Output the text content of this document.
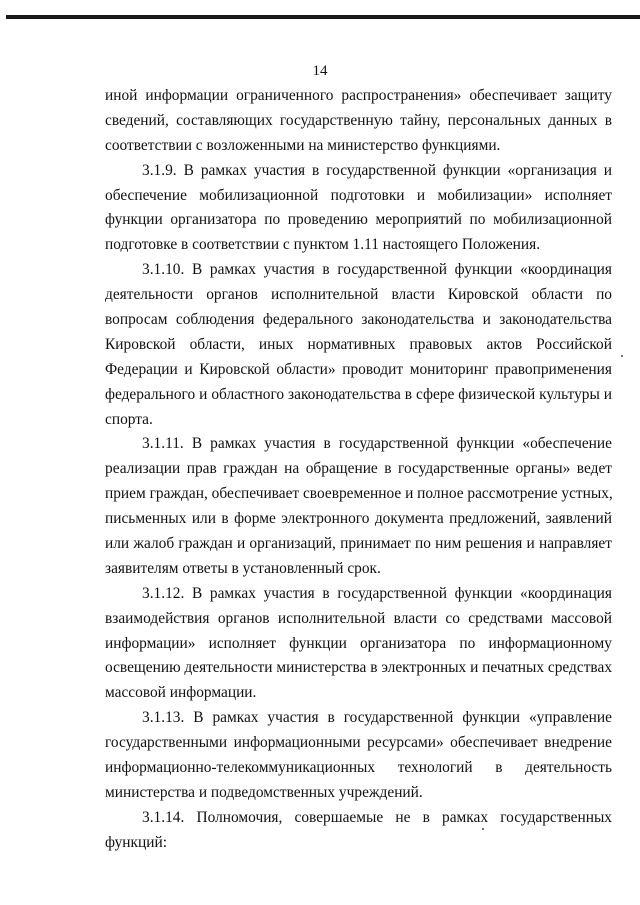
14
иной информации ограниченного распространения» обеспечивает защиту
сведений, составляющих государственную тайну, персональных данных в
соответствии с возложенными на министерство функциями.
3.1.9. В рамках участия в государственной функции «организация и
обеспечение мобилизационной подготовки и мобилизации» исполняет
функции организатора по проведению мероприятий по мобилизационной
подготовке в соответствии с пунктом 1.11 настоящего Положения.
3.1.10. В рамках участия в государственной функции «координация
деятельности органов исполнительной власти Кировской области по
вопросам соблюдения федерального законодательства и законодательства
Кировской области, иных нормативных правовых актов Российской
Федерации и Кировской области» проводит мониторинг правоприменения
федерального и областного законодательства в сфере физической культуры и
спорта.
3.1.11. В рамках участия в государственной функции «обеспечение
реализации прав граждан на обращение в государственные органы» ведет
прием граждан, обеспечивает своевременное и полное рассмотрение устных,
письменных или в форме электронного документа предложений, заявлений
или жалоб граждан и организаций, принимает по ним решения и направляет
заявителям ответы в установленный срок.
3.1.12. В рамках участия в государственной функции «координация
взаимодействия органов исполнительной власти со средствами массовой
информации» исполняет функции организатора по информационному
освещению деятельности министерства в электронных и печатных средствах
массовой информации.
3.1.13. В рамках участия в государственной функции «управление
государственными информационными ресурсами» обеспечивает внедрение
информационно-телекоммуникационных технологий в деятельность
министерства и подведомственных учреждений.
3.1.14. Полномочия, совершаемые не в рамках государственных
функций:
